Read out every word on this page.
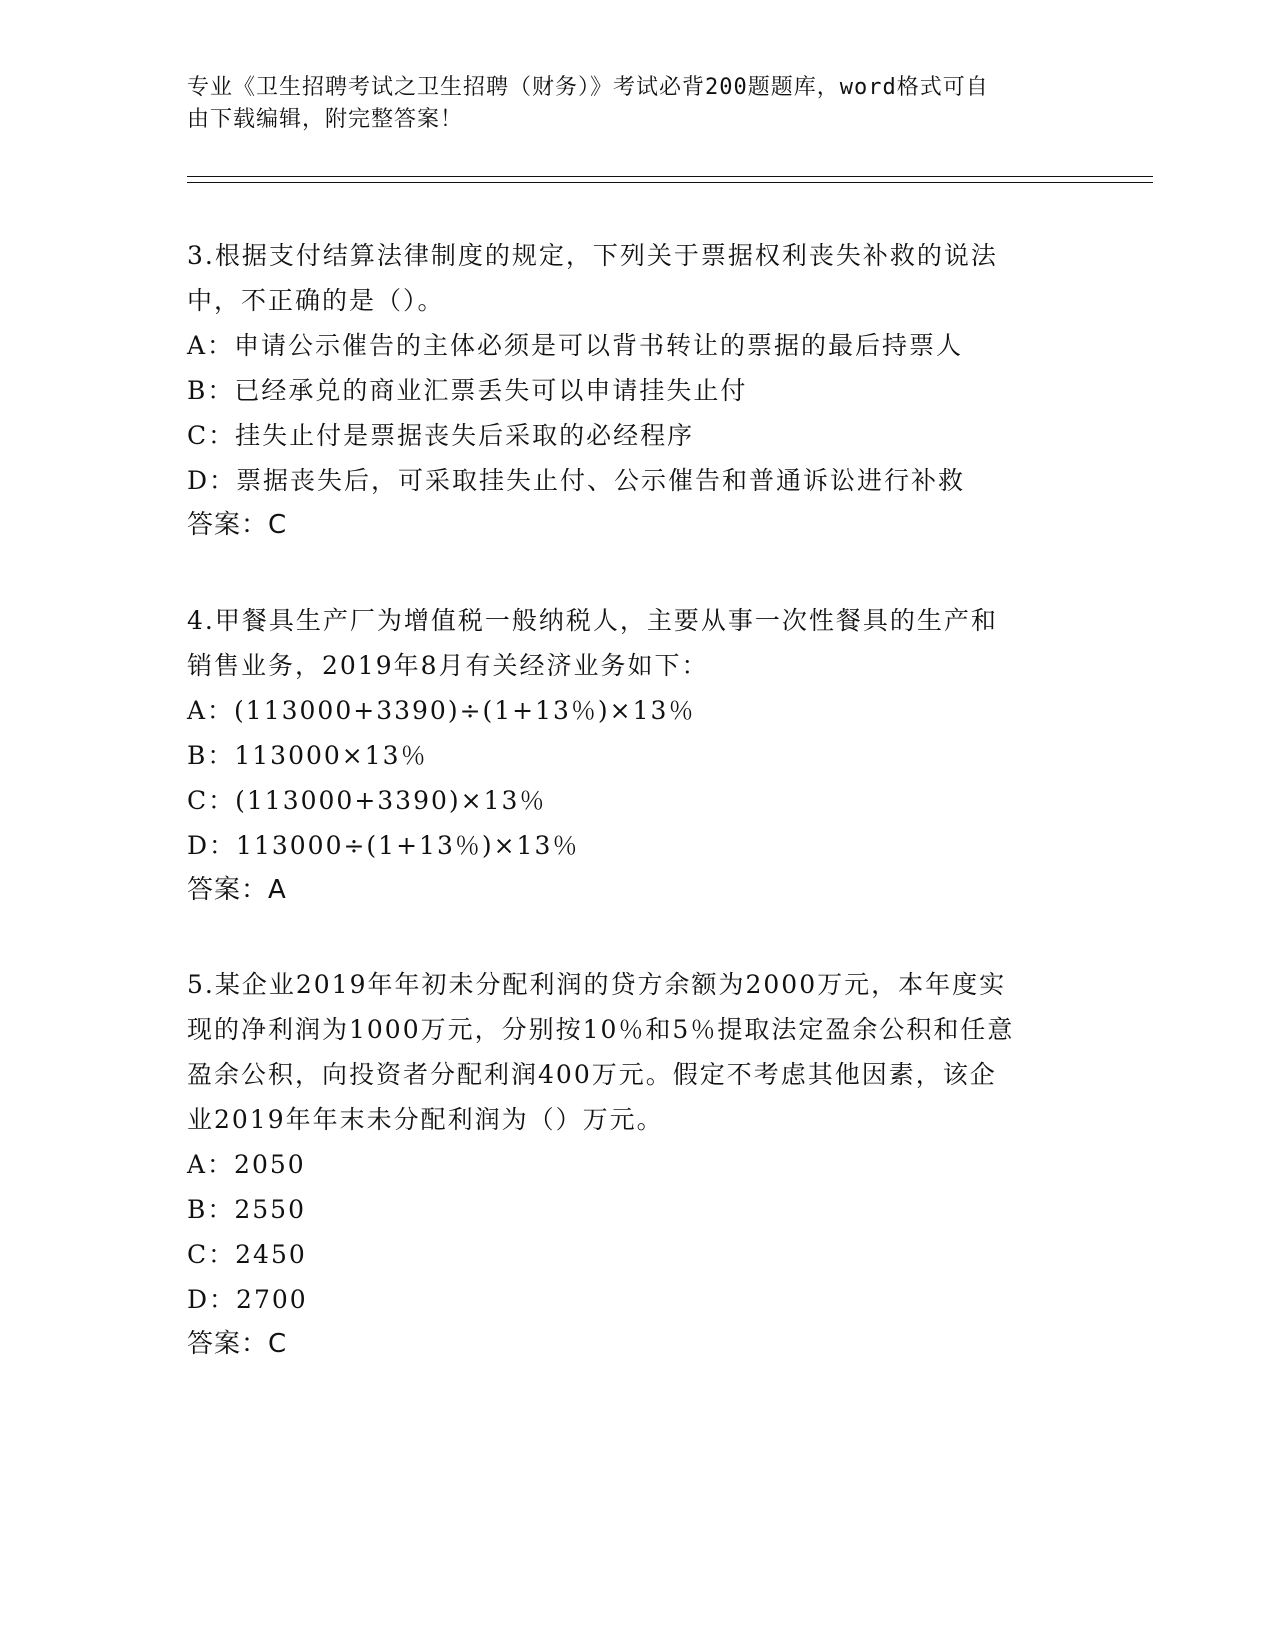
专业《卫生招聘考试之卫生招聘（财务）》考试必背200题题库，word格式可自
由下载编辑，附完整答案！
3.根据支付结算法律制度的规定，下列关于票据权利丧失补救的说法
中，不正确的是（）。
A：申请公示催告的主体必须是可以背书转让的票据的最后持票人
B：已经承兑的商业汇票丢失可以申请挂失止付
C：挂失止付是票据丧失后采取的必经程序
D：票据丧失后，可采取挂失止付、公示催告和普通诉讼进行补救
答案：C
4.甲餐具生产厂为增值税一般纳税人，主要从事一次性餐具的生产和
销售业务，2019年8月有关经济业务如下：
A：(113000+3390)÷(1+13％)×13％
B：113000×13％
C：(113000+3390)×13％
D：113000÷(1+13％)×13％
答案：A
5.某企业2019年年初未分配利润的贷方余额为2000万元，本年度实
现的净利润为1000万元，分别按10％和5％提取法定盈余公积和任意
盈余公积，向投资者分配利润400万元。假定不考虑其他因素，该企
业2019年年末未分配利润为（）万元。
A：2050
B：2550
C：2450
D：2700
答案：C
